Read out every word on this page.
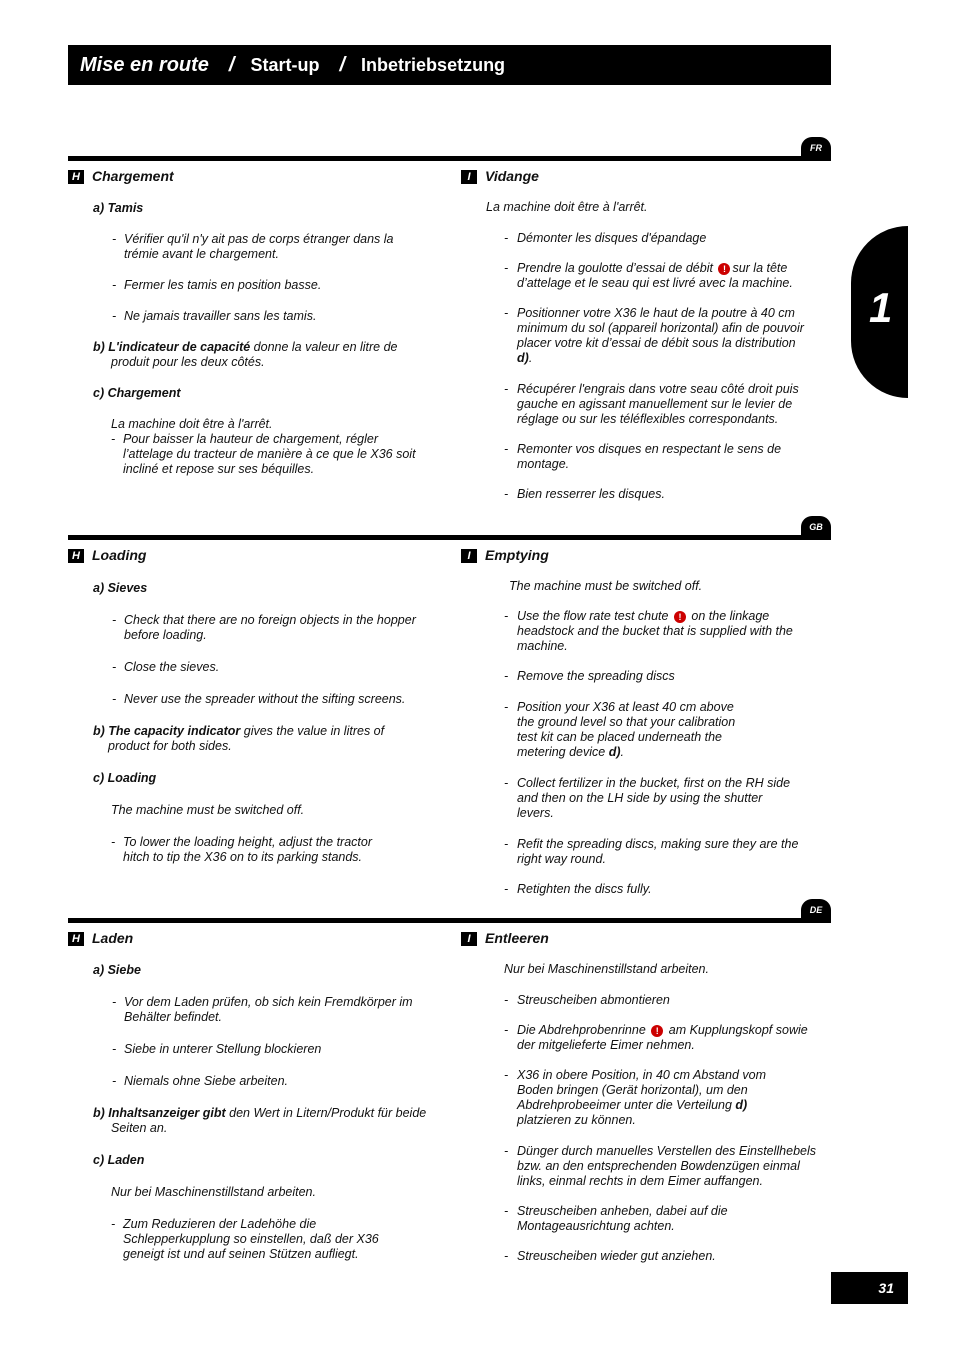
Mise en route / Start-up / Inbetriebsetzung
1
FR
H Chargement
a) Tamis
- Vérifier qu'il n'y ait pas de corps étranger dans la trémie avant le chargement.
- Fermer les tamis en position basse.
- Ne jamais travailler sans les tamis.
b) L'indicateur de capacité donne la valeur en litre de produit pour les deux côtés.
c) Chargement
La machine doit être à l'arrêt.
- Pour baisser la hauteur de chargement, régler l’attelage du tracteur de manière à ce que le X36 soit incliné et repose sur ses béquilles.
I	Vidange
La machine doit être à l'arrêt.
- Démonter les disques d'épandage
- Prendre la goulotte d’essai de débit ! sur la tête d’attelage et le seau qui est livré avec la machine.
- Positionner votre X36 le haut de la poutre à 40 cm minimum du sol (appareil horizontal) afin de pouvoir placer votre kit d’essai de débit sous la distribution d).
- Récupérer l'engrais dans votre seau côté droit puis gauche en agissant manuellement sur le levier de réglage ou sur les téléflexibles correspondants.
- Remonter vos disques en respectant le sens de montage.
- Bien resserrer les disques.
GB
H Loading
a) Sieves
- Check that there are no foreign objects in the hopper before loading.
- Close the sieves.
- Never use the spreader without the sifting screens.
b) The capacity indicator gives the value in litres of product for both sides.
c) Loading
The machine must be switched off.
- To lower the loading height, adjust the tractor hitch to tip the X36 on to its parking stands.
I	Emptying
The machine must be switched off.
- Use the flow rate test chute ! on the linkage headstock and the bucket that is supplied with the machine.
- Remove the spreading discs
- Position your X36 at least 40 cm above the ground level so that your calibration test kit can be placed underneath the metering device d).
- Collect fertilizer in the bucket, first on the RH side and then on the LH side by using the shutter levers.
- Refit the spreading discs, making sure they are the right way round.
- Retighten the discs fully.
DE
H Laden
a) Siebe
- Vor dem Laden prüfen, ob sich kein Fremdkörper im Behälter befindet.
- Siebe in unterer Stellung blockieren
- Niemals ohne Siebe arbeiten.
b) Inhaltsanzeiger gibt den Wert in Litern/Produkt für beide Seiten an.
c) Laden
Nur bei Maschinenstillstand arbeiten.
- Zum Reduzieren der Ladehöhe die Schlepperkupplung so einstellen, daß der X36 geneigt ist und auf seinen Stützen aufliegt.
I	Entleeren
Nur bei Maschinenstillstand arbeiten.
- Streuscheiben abmontieren
- Die Abdrehprobenrinne ! am Kupplungskopf sowie der mitgelieferte Eimer nehmen.
- X36 in obere Position, in 40 cm Abstand vom Boden bringen (Gerät horizontal), um den Abdrehprobeeimer unter die Verteilung d) platzieren zu können.
- Dünger durch manuelles Verstellen des Einstellhebels bzw. an den entsprechenden Bowdenzügen einmal links, einmal rechts in dem Eimer auffangen.
- Streuscheiben anheben, dabei auf die Montageausrichtung achten.
- Streuscheiben wieder gut anziehen.
31
